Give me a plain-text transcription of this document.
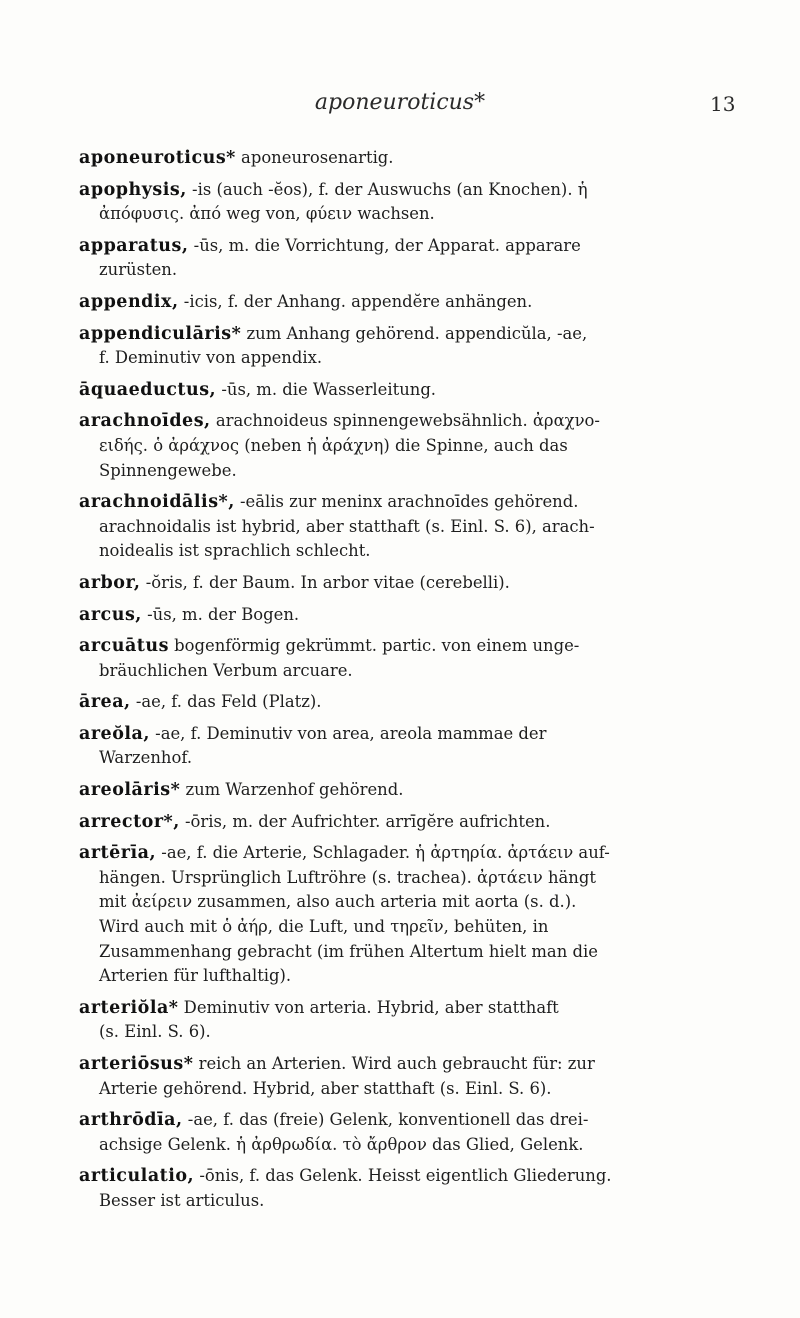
aponeuroticus*	13
aponeuroticus* aponeurosenartig.
apophysis, -is (auch -ĕos), f. der Auswuchs (an Knochen). ἡ
ἀπόφυσις. ἀπό weg von, φύειν wachsen.
apparatus, -ūs, m. die Vorrichtung, der Apparat. apparare
zurüsten.
appendix, -icis, f. der Anhang. appendĕre anhängen.
appendiculāris* zum Anhang gehörend. appendicŭla, -ae,
f. Deminutiv von appendix.
āquaeductus, -ūs, m. die Wasserleitung.
arachnoīdes, arachnoideus spinnengewebsähnlich. ἀραχνο-
ειδής. ὁ ἀράχνος (neben ἡ ἀράχνη) die Spinne, auch das
Spinnengewebe.
arachnoidālis*, -eālis zur meninx arachnoīdes gehörend.
arachnoidalis ist hybrid, aber statthaft (s. Einl. S. 6), arach-
noidealis ist sprachlich schlecht.
arbor, -ŏris, f. der Baum. In arbor vitae (cerebelli).
arcus, -ūs, m. der Bogen.
arcuātus bogenförmig gekrümmt. partic. von einem unge-
bräuchlichen Verbum arcuare.
ārea, -ae, f. das Feld (Platz).
areŏla, -ae, f. Deminutiv von area, areola mammae der
Warzenhof.
areolāris* zum Warzenhof gehörend.
arrector*, -ōris, m. der Aufrichter. arrīgĕre aufrichten.
artērīa, -ae, f. die Arterie, Schlagader. ἡ ἀρτηρία. ἀρτάειν auf-
hängen. Ursprünglich Luftröhre (s. trachea). ἀρτάειν hängt
mit ἀείρειν zusammen, also auch arteria mit aorta (s. d.).
Wird auch mit ὁ ἀήρ, die Luft, und τηρεῖν, behüten, in
Zusammenhang gebracht (im frühen Altertum hielt man die
Arterien für lufthaltig).
arteriŏla* Deminutiv von arteria. Hybrid, aber statthaft
(s. Einl. S. 6).
arteriōsus* reich an Arterien. Wird auch gebraucht für: zur
Arterie gehörend. Hybrid, aber statthaft (s. Einl. S. 6).
arthrōdīa, -ae, f. das (freie) Gelenk, konventionell das drei-
achsige Gelenk. ἡ ἀρθρωδία. τὸ ἄρθρον das Glied, Gelenk.
articulatio, -ōnis, f. das Gelenk. Heisst eigentlich Gliederung.
Besser ist articulus.
